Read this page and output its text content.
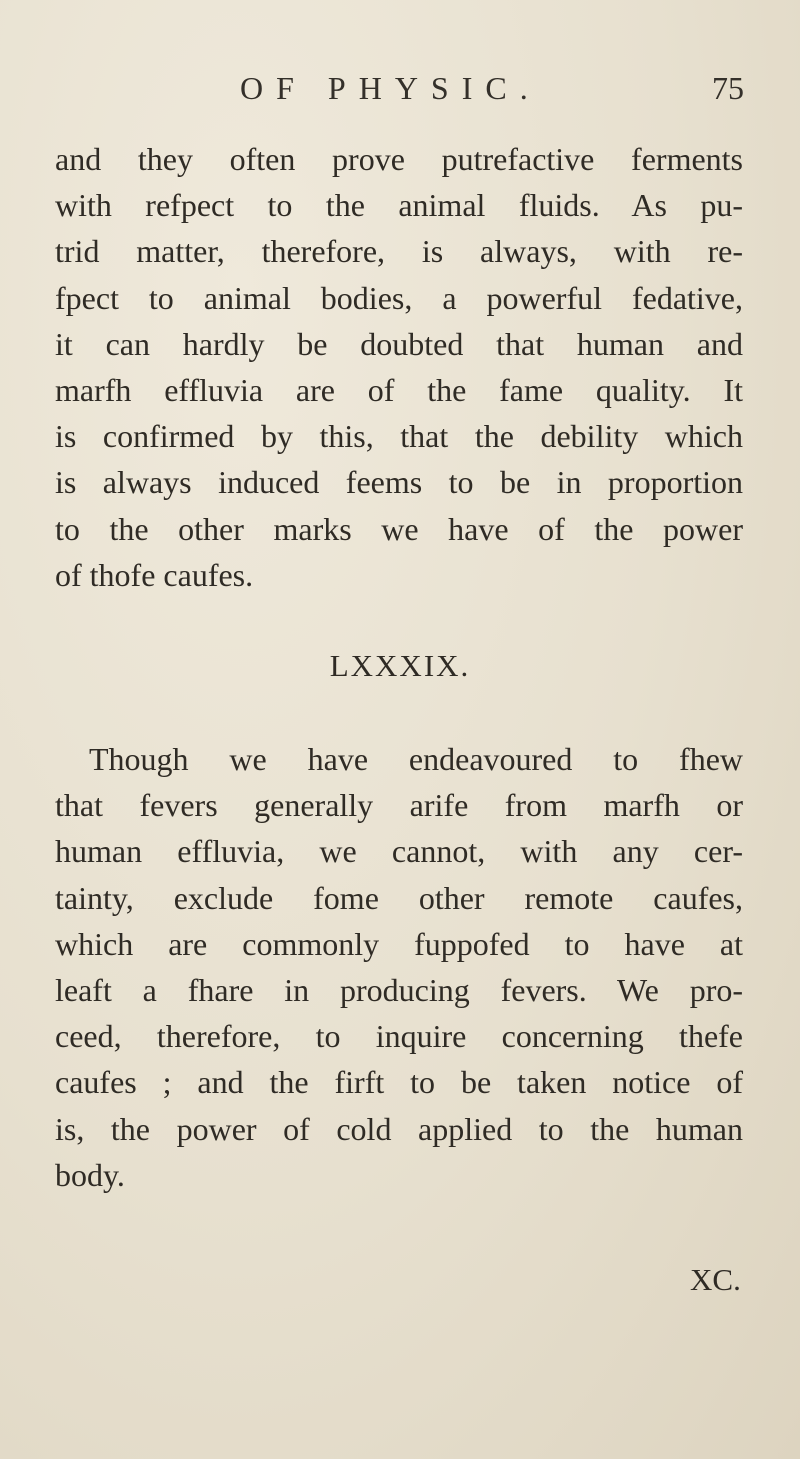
OF PHYSIC.	75
and they often prove putrefactive ferments
with refpect to the animal fluids. As pu-
trid matter, therefore, is always, with re-
fpect to animal bodies, a powerful fedative,
it can hardly be doubted that human and
marfh effluvia are of the fame quality. It
is confirmed by this, that the debility which
is always induced feems to be in proportion
to the other marks we have of the power
of thofe caufes.
LXXXIX.
Though we have endeavoured to fhew
that fevers generally arife from marfh or
human effluvia, we cannot, with any cer-
tainty, exclude fome other remote caufes,
which are commonly fuppofed to have at
leaft a fhare in producing fevers. We pro-
ceed, therefore, to inquire concerning thefe
caufes ; and the firft to be taken notice of
is, the power of cold applied to the human
body.
XC.
